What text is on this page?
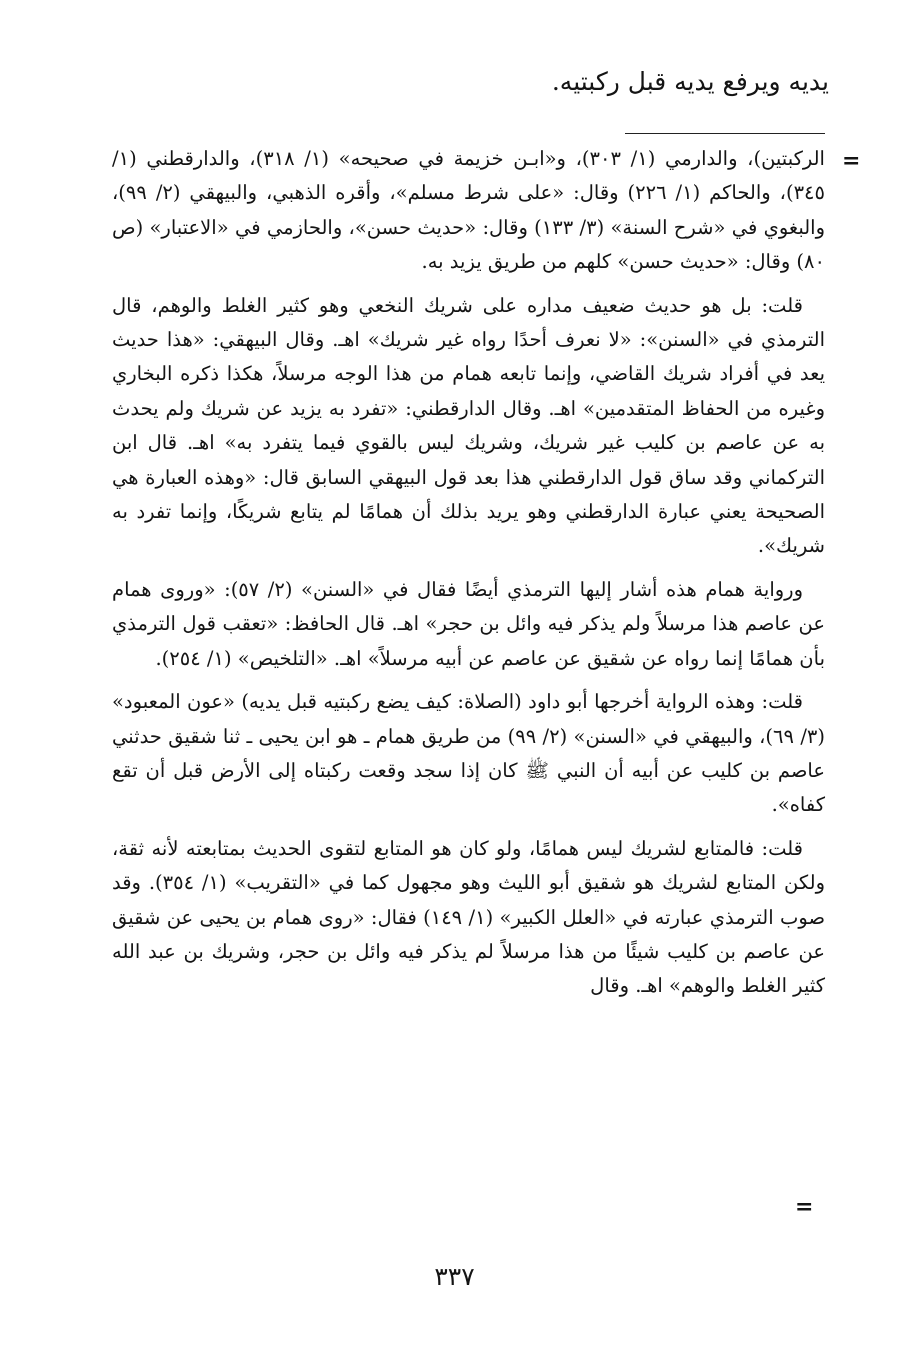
يديه ويرفع يديه قبل ركبتيه.
=

الركبتين)، والدارمي (١/ ٣٠٣)، و«ابـن خزيمة في صحيحه» (١/ ٣١٨)، والدارقطني (١/ ٣٤٥)، والحاكم (١/ ٢٢٦) وقال: «على شرط مسلم»، وأقره الذهبي، والبيهقي (٢/ ٩٩)، والبغوي في «شرح السنة» (٣/ ١٣٣) وقال: «حديث حسن»، والحازمي في «الاعتبار» (ص ٨٠) وقال: «حديث حسن» كلهم من طريق يزيد به.

قلت: بل هو حديث ضعيف مداره على شريك النخعي وهو كثير الغلط والوهم، قال الترمذي في «السنن»: «لا نعرف أحدًا رواه غير شريك» اهـ. وقال البيهقي: «هذا حديث يعد في أفراد شريك القاضي، وإنما تابعه همام من هذا الوجه مرسلاً، هكذا ذكره البخاري وغيره من الحفاظ المتقدمين» اهـ. وقال الدارقطني: «تفرد به يزيد عن شريك ولم يحدث به عن عاصم بن كليب غير شريك، وشريك ليس بالقوي فيما يتفرد به» اهـ. قال ابن التركماني وقد ساق قول الدارقطني هذا بعد قول البيهقي السابق قال: «وهذه العبارة هي الصحيحة يعني عبارة الدارقطني وهو يريد بذلك أن همامًا لم يتابع شريكًا، وإنما تفرد به شريك».

ورواية همام هذه أشار إليها الترمذي أيضًا فقال في «السنن» (٢/ ٥٧): «وروى همام عن عاصم هذا مرسلاً ولم يذكر فيه وائل بن حجر» اهـ. قال الحافظ: «تعقب قول الترمذي بأن همامًا إنما رواه عن شقيق عن عاصم عن أبيه مرسلاً» اهـ. «التلخيص» (١/ ٢٥٤).

قلت: وهذه الرواية أخرجها أبو داود (الصلاة: كيف يضع ركبتيه قبل يديه) «عون المعبود» (٣/ ٦٩)، والبيهقي في «السنن» (٢/ ٩٩) من طريق همام ـ هو ابن يحيى ـ ثنا شقيق حدثني عاصم بن كليب عن أبيه أن النبي ﷺ كان إذا سجد وقعت ركبتاه إلى الأرض قبل أن تقع كفاه».

قلت: فالمتابع لشريك ليس همامًا، ولو كان هو المتابع لتقوى الحديث بمتابعته لأنه ثقة، ولكن المتابع لشريك هو شقيق أبو الليث وهو مجهول كما في «التقريب» (١/ ٣٥٤). وقد صوب الترمذي عبارته في «العلل الكبير» (١/ ١٤٩) فقال: «روى همام بن يحيى عن شقيق عن عاصم بن كليب شيئًا من هذا مرسلاً لم يذكر فيه وائل بن حجر، وشريك بن عبد الله كثير الغلط والوهم» اهـ. وقال

=
٣٣٧
